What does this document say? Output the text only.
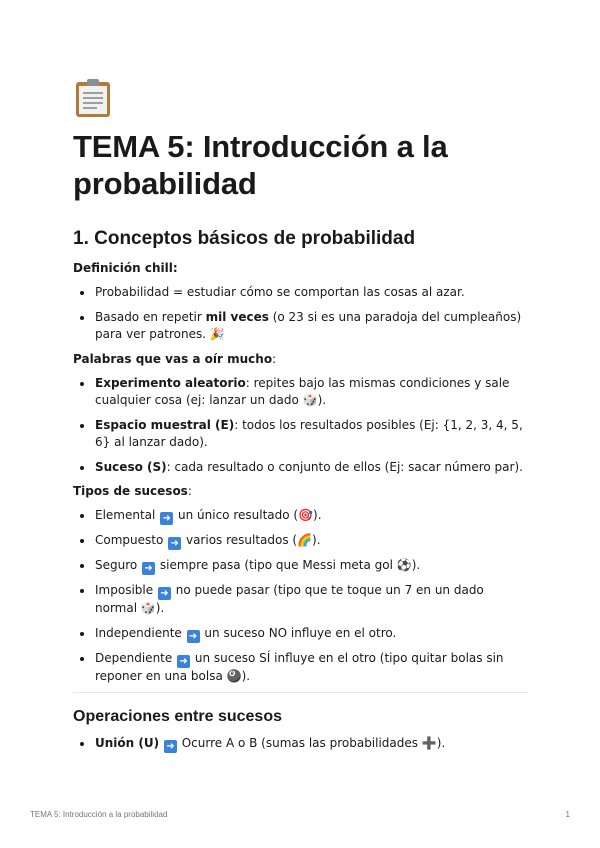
TEMA 5: Introducción a la probabilidad
1. Conceptos básicos de probabilidad

Definición chill:

Probabilidad = estudiar cómo se comportan las cosas al azar.
Basado en repetir mil veces (o 23 si es una paradoja del cumpleaños) para ver patrones. 🎉

Palabras que vas a oír mucho:

Experimento aleatorio: repites bajo las mismas condiciones y sale cualquier cosa (ej: lanzar un dado 🎲).
Espacio muestral (E): todos los resultados posibles (Ej: {1, 2, 3, 4, 5, 6} al lanzar dado).
Suceso (S): cada resultado o conjunto de ellos (Ej: sacar número par).

Tipos de sucesos:

Elemental ➜ un único resultado (🎯).
Compuesto ➜ varios resultados (🌈).
Seguro ➜ siempre pasa (tipo que Messi meta gol ⚽).
Imposible ➜ no puede pasar (tipo que te toque un 7 en un dado normal 🎲).
Independiente ➜ un suceso NO influye en el otro.
Dependiente ➜ un suceso SÍ influye en el otro (tipo quitar bolas sin reponer en una bolsa 🎱).
Operaciones entre sucesos
Unión (U) ➜ Ocurre A o B (sumas las probabilidades ➕).
TEMA 5: Introducción a la probabilidad	1
